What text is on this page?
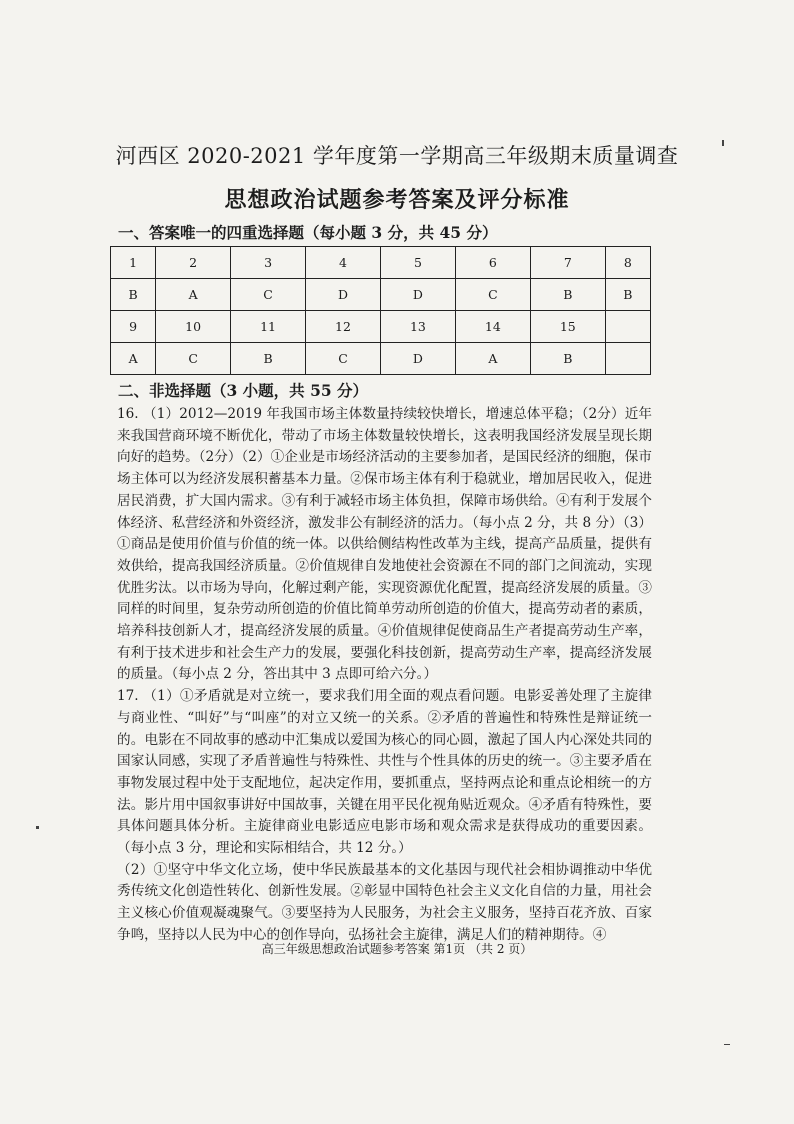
河西区 2020-2021 学年度第一学期高三年级期末质量调查
思想政治试题参考答案及评分标准
一、答案唯一的四重选择题（每小题 3 分，共 45 分）
1	2	3	4	5	6	7	8
B	A	C	D	D	C	B	B
9	10	11	12	13	14	15	
A	C	B	C	D	A	B	
二、非选择题（3 小题，共 55 分）

16. （1）2012—2019 年我国市场主体数量持续较快增长，增速总体平稳；（2分）近年来我国营商环境不断优化，带动了市场主体数量较快增长，这表明我国经济发展呈现长期向好的趋势。（2分）（2）①企业是市场经济活动的主要参加者，是国民经济的细胞，保市场主体可以为经济发展积蓄基本力量。②保市场主体有利于稳就业，增加居民收入，促进居民消费，扩大国内需求。③有利于减轻市场主体负担，保障市场供给。④有利于发展个体经济、私营经济和外资经济，激发非公有制经济的活力。（每小点 2 分，共 8 分）（3）①商品是使用价值与价值的统一体。以供给侧结构性改革为主线，提高产品质量，提供有效供给，提高我国经济质量。②价值规律自发地使社会资源在不同的部门之间流动，实现优胜劣汰。以市场为导向，化解过剩产能，实现资源优化配置，提高经济发展的质量。③同样的时间里，复杂劳动所创造的价值比简单劳动所创造的价值大，提高劳动者的素质，培养科技创新人才，提高经济发展的质量。④价值规律促使商品生产者提高劳动生产率，有利于技术进步和社会生产力的发展，要强化科技创新，提高劳动生产率，提高经济发展的质量。（每小点 2 分，答出其中 3 点即可给六分。）

17. （1）①矛盾就是对立统一，要求我们用全面的观点看问题。电影妥善处理了主旋律与商业性、“叫好”与“叫座”的对立又统一的关系。②矛盾的普遍性和特殊性是辩证统一的。电影在不同故事的感动中汇集成以爱国为核心的同心圆，激起了国人内心深处共同的国家认同感，实现了矛盾普遍性与特殊性、共性与个性具体的历史的统一。③主要矛盾在事物发展过程中处于支配地位，起决定作用，要抓重点，坚持两点论和重点论相统一的方法。影片用中国叙事讲好中国故事，关键在用平民化视角贴近观众。④矛盾有特殊性，要具体问题具体分析。主旋律商业电影适应电影市场和观众需求是获得成功的重要因素。（每小点 3 分，理论和实际相结合，共 12 分。）

（2）①坚守中华文化立场，使中华民族最基本的文化基因与现代社会相协调推动中华优秀传统文化创造性转化、创新性发展。②彰显中国特色社会主义文化自信的力量，用社会主义核心价值观凝魂聚气。③要坚持为人民服务，为社会主义服务，坚持百花齐放、百家争鸣，坚持以人民为中心的创作导向，弘扬社会主旋律，满足人们的精神期待。④

高三年级思想政治试题参考答案 第1页 （共 2 页）
